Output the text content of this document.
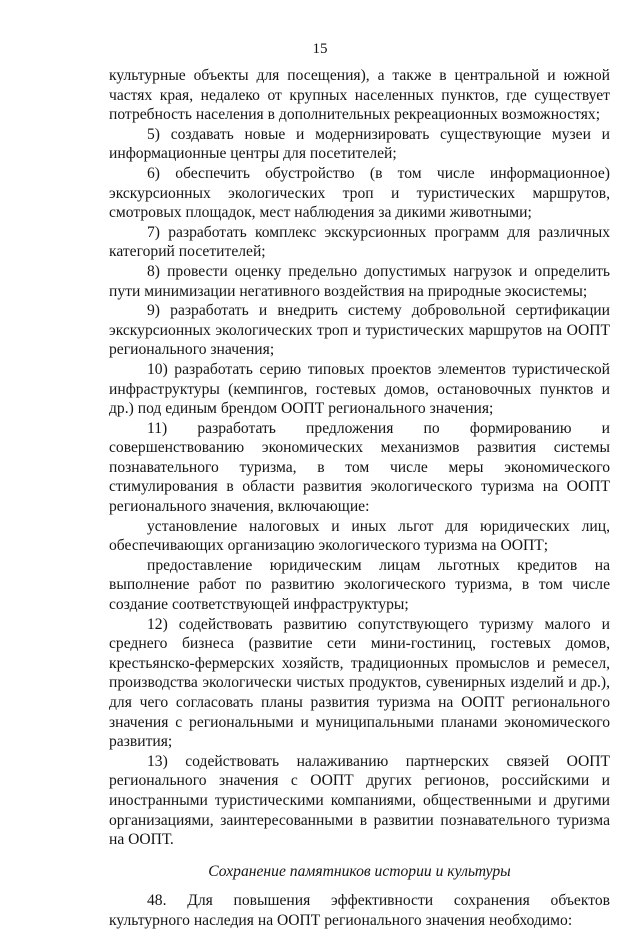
15

культурные объекты для посещения), а также в центральной и южной частях края, недалеко от крупных населенных пунктов, где существует потребность населения в дополнительных рекреационных возможностях;

5) создавать новые и модернизировать существующие музеи и информационные центры для посетителей;

6) обеспечить обустройство (в том числе информационное) экскурсионных экологических троп и туристических маршрутов, смотровых площадок, мест наблюдения за дикими животными;

7) разработать комплекс экскурсионных программ для различных категорий посетителей;

8) провести оценку предельно допустимых нагрузок и определить пути минимизации негативного воздействия на природные экосистемы;

9) разработать и внедрить систему добровольной сертификации экскурсионных экологических троп и туристических маршрутов на ООПТ регионального значения;

10) разработать серию типовых проектов элементов туристической инфраструктуры (кемпингов, гостевых домов, остановочных пунктов и др.) под единым брендом ООПТ регионального значения;

11) разработать предложения по формированию и совершенствованию экономических механизмов развития системы познавательного туризма, в том числе меры экономического стимулирования в области развития экологического туризма на ООПТ регионального значения, включающие:

установление налоговых и иных льгот для юридических лиц, обеспечивающих организацию экологического туризма на ООПТ;

предоставление юридическим лицам льготных кредитов на выполнение работ по развитию экологического туризма, в том числе создание соответствующей инфраструктуры;

12) содействовать развитию сопутствующего туризму малого и среднего бизнеса (развитие сети мини-гостиниц, гостевых домов, крестьянско-фермерских хозяйств, традиционных промыслов и ремесел, производства экологически чистых продуктов, сувенирных изделий и др.), для чего согласовать планы развития туризма на ООПТ региональногo значения с региональными и муниципальными планами экономического развития;

13) содействовать налаживанию партнерских связей ООПТ регионального значения с ООПТ других регионов, российскими и иностранными туристическими компаниями, общественными и другими организациями, заинтересованными в развитии познавательного туризма на ООПТ.

Сохранение памятников истории и культуры

48. Для повышения эффективности сохранения объектов культурного наследия на ООПТ регионального значения необходимо:
